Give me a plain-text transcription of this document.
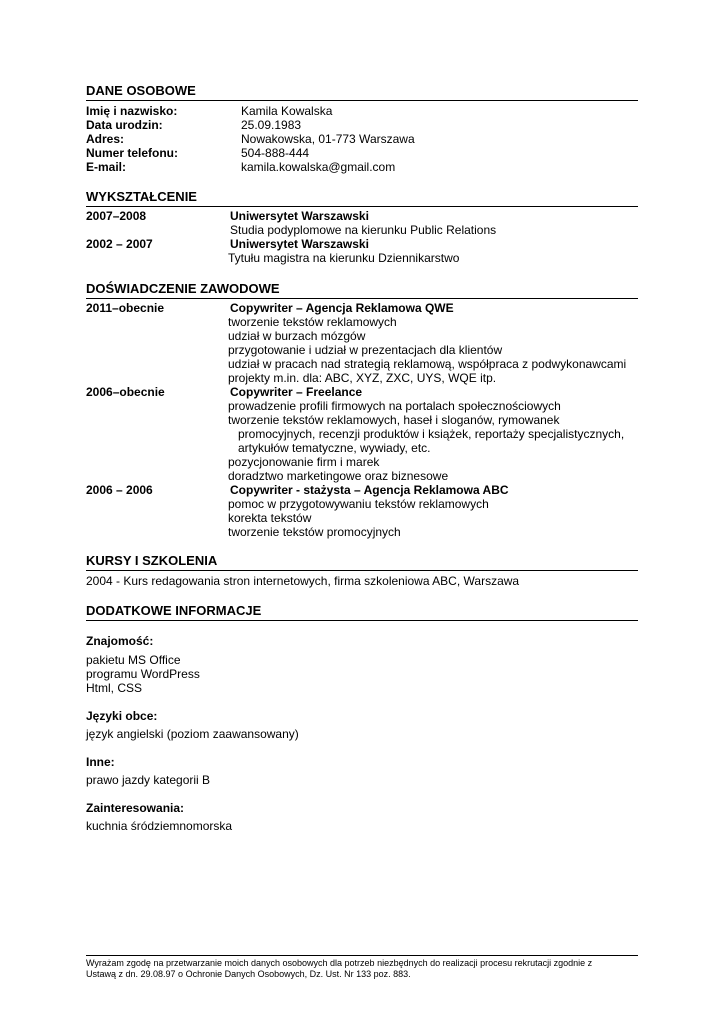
DANE OSOBOWE
Imię i nazwisko:	Kamila Kowalska
Data urodzin:	25.09.1983
Adres:	Nowakowska, 01-773 Warszawa
Numer telefonu:	504-888-444
E-mail:	kamila.kowalska@gmail.com
WYKSZTAŁCENIE
2007–2008	Uniwersytet Warszawski
Studia podyplomowe na kierunku Public Relations
2002 – 2007	Uniwersytet Warszawski
Tytułu magistra na kierunku Dziennikarstwo
DOŚWIADCZENIE ZAWODOWE
2011–obecnie	Copywriter – Agencja Reklamowa QWE
tworzenie tekstów reklamowych
udział w burzach mózgów
przygotowanie i udział w prezentacjach dla klientów
udział w pracach nad strategią reklamową, współpraca z podwykonawcami
projekty m.in. dla: ABC, XYZ, ZXC, UYS, WQE itp.
2006–obecnie	Copywriter – Freelance
prowadzenie profili firmowych na portalach społecznościowych
tworzenie tekstów reklamowych, haseł i sloganów, rymowanek
promocyjnych, recenzji produktów i książek, reportaży specjalistycznych,
artykułów tematyczne, wywiady, etc.
pozycjonowanie firm i marek
doradztwo marketingowe oraz biznesowe
2006 – 2006	Copywriter - stażysta – Agencja Reklamowa ABC
pomoc w przygotowywaniu tekstów reklamowych
korekta tekstów
tworzenie tekstów promocyjnych
KURSY I SZKOLENIA
2004 - Kurs redagowania stron internetowych, firma szkoleniowa ABC, Warszawa
DODATKOWE INFORMACJE
Znajomość:
pakietu MS Office
programu WordPress
Html, CSS
Języki obce:
język angielski (poziom zaawansowany)
Inne:
prawo jazdy kategorii B
Zainteresowania:
kuchnia śródziemnomorska
Wyrażam zgodę na przetwarzanie moich danych osobowych dla potrzeb niezbędnych do realizacji procesu rekrutacji zgodnie z
Ustawą z dn. 29.08.97 o Ochronie Danych Osobowych, Dz. Ust. Nr 133 poz. 883.
